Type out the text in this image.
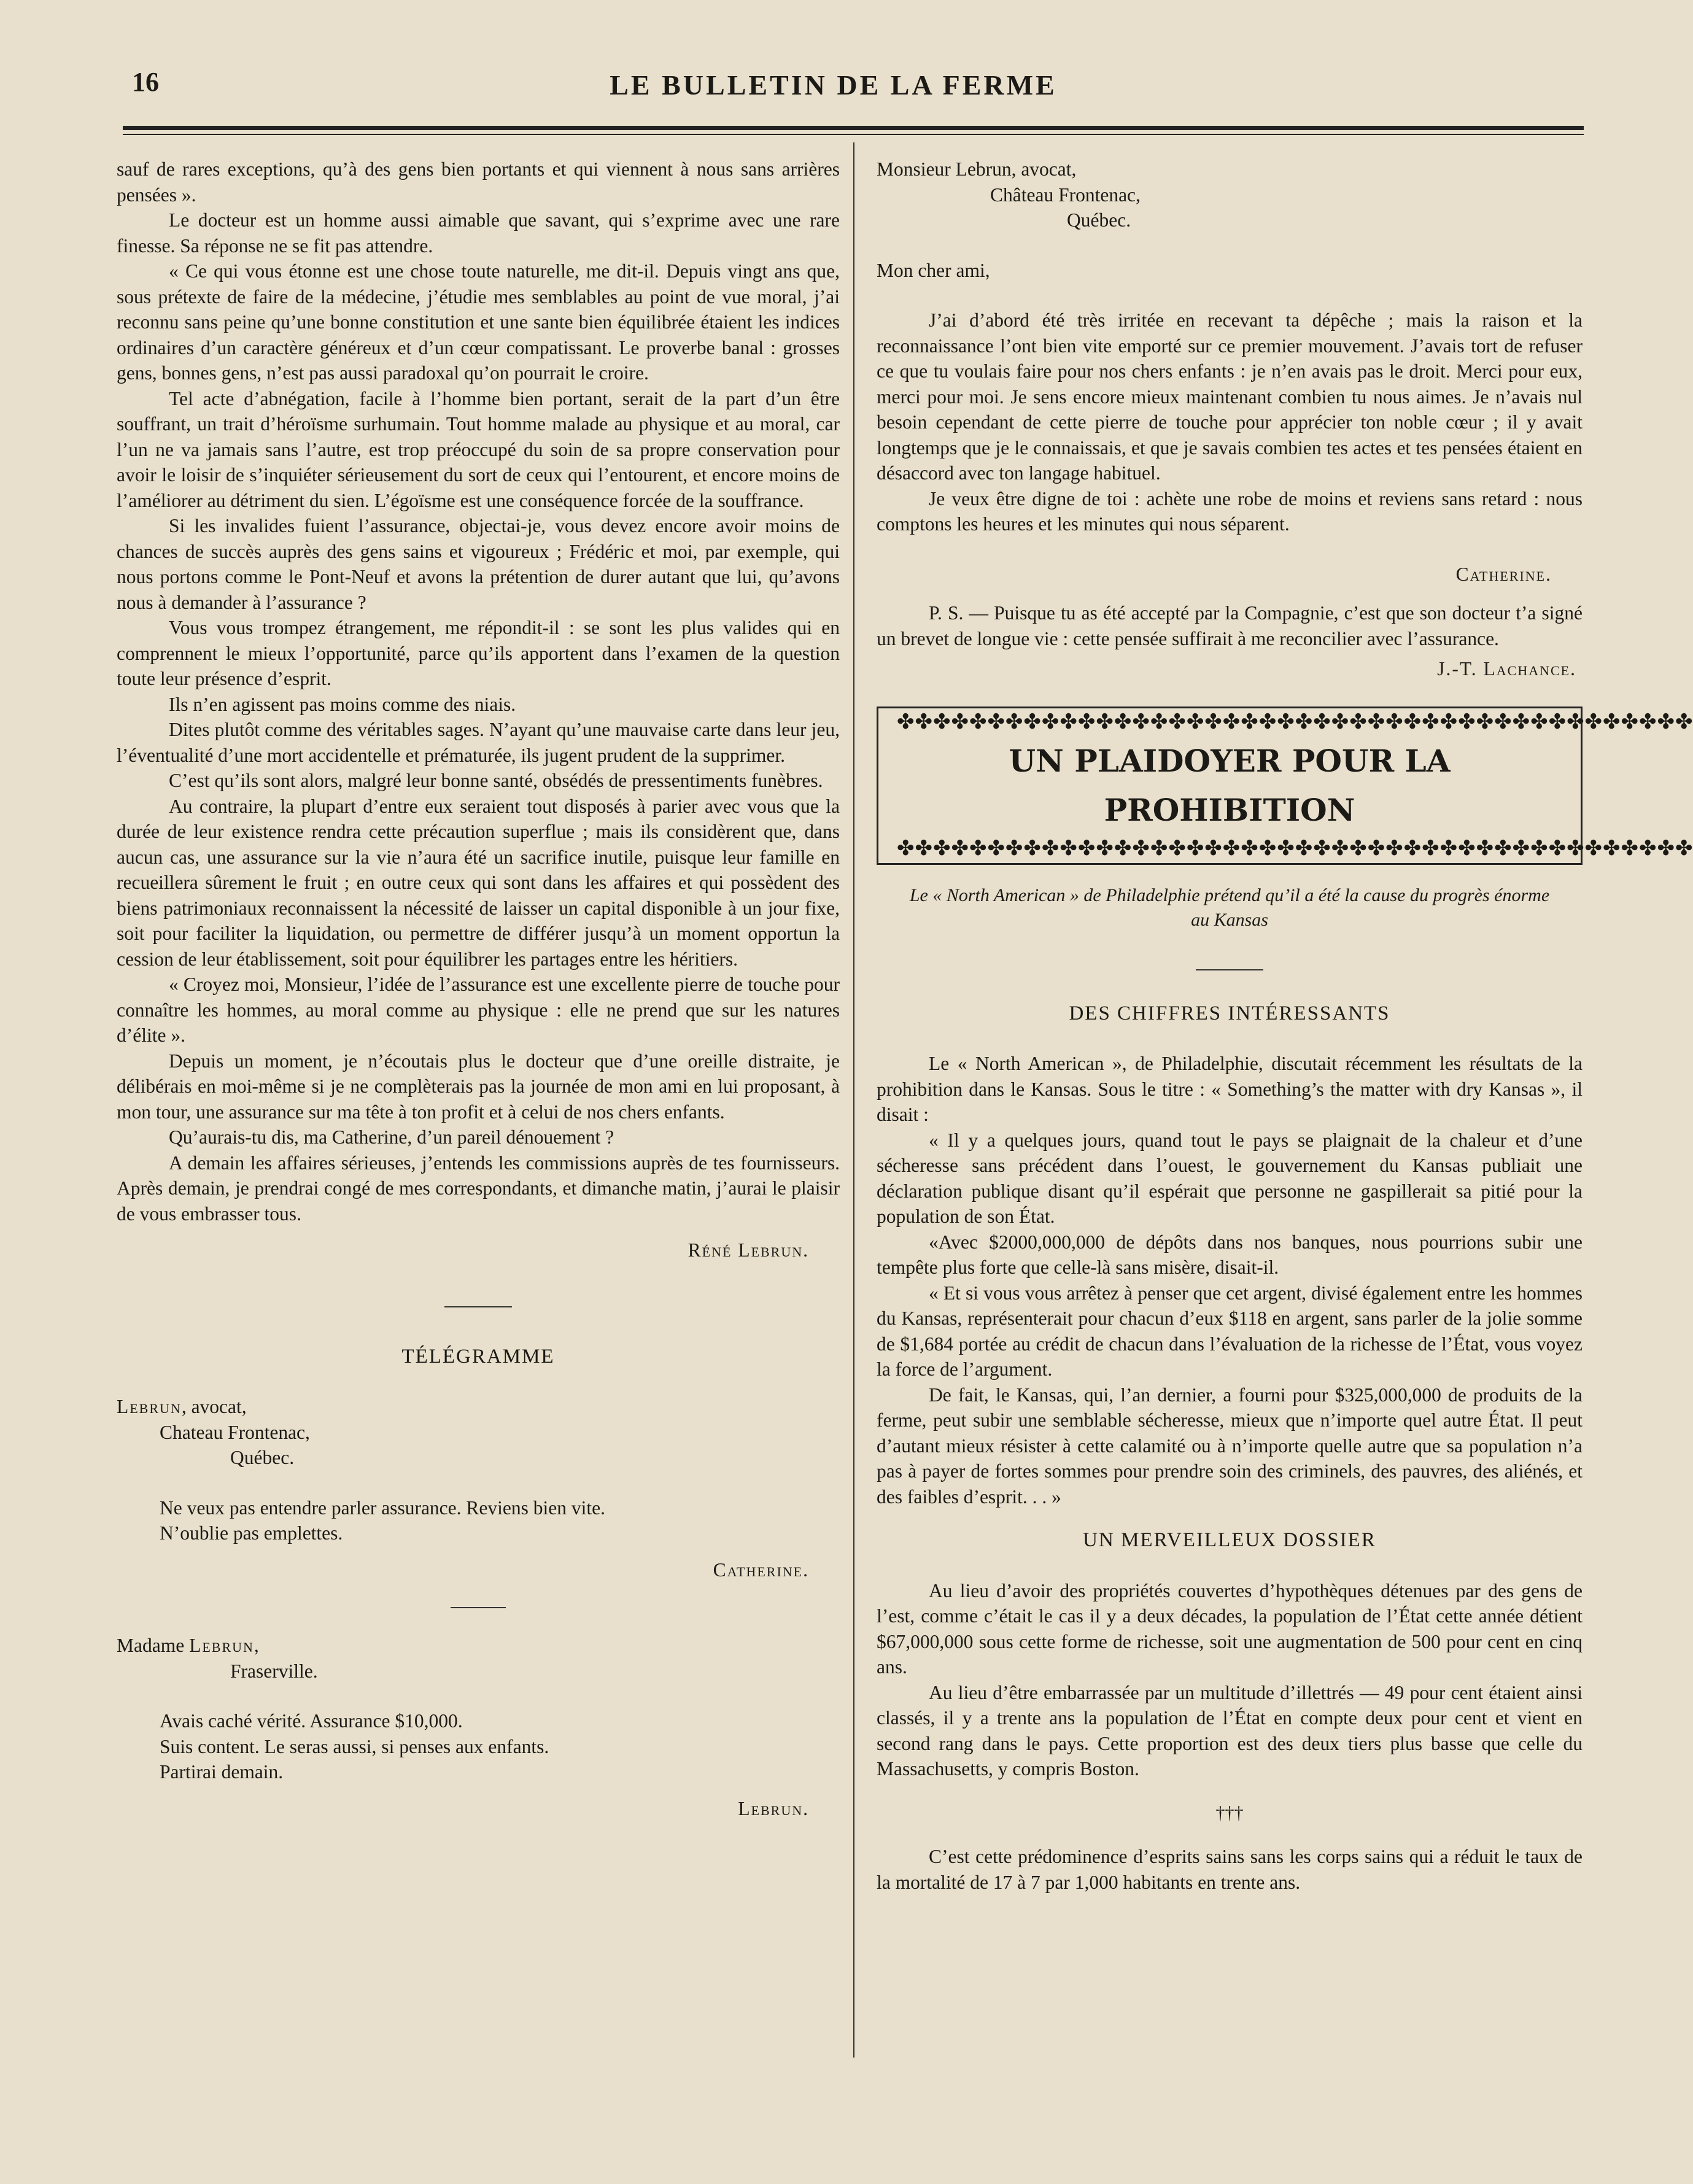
16	LE BULLETIN DE LA FERME

sauf de rares exceptions, qu’à des gens bien portants et qui viennent à nous sans arrières pensées ».

Le docteur est un homme aussi aimable que savant, qui s’exprime avec une rare finesse. Sa réponse ne se fit pas attendre.

« Ce qui vous étonne est une chose toute naturelle, me dit-il. Depuis vingt ans que, sous prétexte de faire de la médecine, j’étudie mes semblables au point de vue moral, j’ai reconnu sans peine qu’une bonne constitution et une sante bien équilibrée étaient les indices ordinaires d’un caractère généreux et d’un cœur compatissant. Le proverbe banal : grosses gens, bonnes gens, n’est pas aussi paradoxal qu’on pourrait le croire.

Tel acte d’abnégation, facile à l’homme bien portant, serait de la part d’un être souffrant, un trait d’héroïsme surhumain. Tout homme malade au physique et au moral, car l’un ne va jamais sans l’autre, est trop préoccupé du soin de sa propre conservation pour avoir le loisir de s’inquiéter sérieusement du sort de ceux qui l’entourent, et encore moins de l’améliorer au détriment du sien. L’égoïsme est une conséquence forcée de la souffrance.

Si les invalides fuient l’assurance, objectai-je, vous devez encore avoir moins de chances de succès auprès des gens sains et vigoureux ; Frédéric et moi, par exemple, qui nous portons comme le Pont-Neuf et avons la prétention de durer autant que lui, qu’avons nous à demander à l’assurance ?

Vous vous trompez étrangement, me répondit-il : se sont les plus valides qui en comprennent le mieux l’opportunité, parce qu’ils apportent dans l’examen de la question toute leur présence d’esprit.

Ils n’en agissent pas moins comme des niais.

Dites plutôt comme des véritables sages. N’ayant qu’une mauvaise carte dans leur jeu, l’éventualité d’une mort accidentelle et prématurée, ils jugent prudent de la supprimer.

C’est qu’ils sont alors, malgré leur bonne santé, obsédés de pressentiments funèbres.

Au contraire, la plupart d’entre eux seraient tout disposés à parier avec vous que la durée de leur existence rendra cette précaution superflue ; mais ils considèrent que, dans aucun cas, une assurance sur la vie n’aura été un sacrifice inutile, puisque leur famille en recueillera sûrement le fruit ; en outre ceux qui sont dans les affaires et qui possèdent des biens patrimoniaux reconnaissent la nécessité de laisser un capital disponible à un jour fixe, soit pour faciliter la liquidation, ou permettre de différer jusqu’à un moment opportun la cession de leur établissement, soit pour équilibrer les partages entre les héritiers.

« Croyez moi, Monsieur, l’idée de l’assurance est une excellente pierre de touche pour connaître les hommes, au moral comme au physique : elle ne prend que sur les natures d’élite ».

Depuis un moment, je n’écoutais plus le docteur que d’une oreille distraite, je délibérais en moi-même si je ne complèterais pas la journée de mon ami en lui proposant, à mon tour, une assurance sur ma tête à ton profit et à celui de nos chers enfants.

Qu’aurais-tu dis, ma Catherine, d’un pareil dénouement ?

A demain les affaires sérieuses, j’entends les commissions auprès de tes fournisseurs. Après demain, je prendrai congé de mes correspondants, et dimanche matin, j’aurai le plaisir de vous embrasser tous.

Réné Lebrun.

TÉLÉGRAMME

Lebrun, avocat,

Chateau Frontenac,

Québec.

Ne veux pas entendre parler assurance. Reviens bien vite.

N’oublie pas emplettes.

Catherine.

Madame Lebrun,

Fraserville.

Avais caché vérité. Assurance $10,000.

Suis content. Le seras aussi, si penses aux enfants.

Partirai demain.

Lebrun.

Monsieur Lebrun, avocat,

Château Frontenac,

Québec.

Mon cher ami,

J’ai d’abord été très irritée en recevant ta dépêche ; mais la raison et la reconnaissance l’ont bien vite emporté sur ce premier mouvement. J’avais tort de refuser ce que tu voulais faire pour nos chers enfants : je n’en avais pas le droit. Merci pour eux, merci pour moi. Je sens encore mieux maintenant combien tu nous aimes. Je n’avais nul besoin cependant de cette pierre de touche pour apprécier ton noble cœur ; il y avait longtemps que je le connaissais, et que je savais combien tes actes et tes pensées étaient en désaccord avec ton langage habituel.

Je veux être digne de toi : achète une robe de moins et reviens sans retard : nous comptons les heures et les minutes qui nous séparent.

Catherine.

P. S. — Puisque tu as été accepté par la Compagnie, c’est que son docteur t’a signé un brevet de longue vie : cette pensée suffirait à me reconcilier avec l’assurance.

J.-T. Lachance.

✤✤✤✤✤✤✤✤✤✤✤✤✤✤✤✤✤✤✤✤✤✤✤✤✤✤✤✤✤✤✤✤✤✤✤✤✤✤✤✤✤✤✤✤
UN PLAIDOYER POUR LA PROHIBITION
✤✤✤✤✤✤✤✤✤✤✤✤✤✤✤✤✤✤✤✤✤✤✤✤✤✤✤✤✤✤✤✤✤✤✤✤✤✤✤✤✤✤✤✤

Le « North American » de Philadelphie prétend qu’il a été la cause du progrès énorme au Kansas

DES CHIFFRES INTÉRESSANTS

Le « North American », de Philadelphie, discutait récemment les résultats de la prohibition dans le Kansas. Sous le titre : « Something’s the matter with dry Kansas », il disait :

« Il y a quelques jours, quand tout le pays se plaignait de la chaleur et d’une sécheresse sans précédent dans l’ouest, le gouvernement du Kansas publiait une déclaration publique disant qu’il espérait que personne ne gaspillerait sa pitié pour la population de son État.

«Avec $2000,000,000 de dépôts dans nos banques, nous pourrions subir une tempête plus forte que celle-là sans misère, disait-il.

« Et si vous vous arrêtez à penser que cet argent, divisé également entre les hommes du Kansas, représenterait pour chacun d’eux $118 en argent, sans parler de la jolie somme de $1,684 portée au crédit de chacun dans l’évaluation de la richesse de l’État, vous voyez la force de l’argument.

De fait, le Kansas, qui, l’an dernier, a fourni pour $325,000,000 de produits de la ferme, peut subir une semblable sécheresse, mieux que n’importe quel autre État. Il peut d’autant mieux résister à cette calamité ou à n’importe quelle autre que sa population n’a pas à payer de fortes sommes pour prendre soin des criminels, des pauvres, des aliénés, et des faibles d’esprit. . . »

UN MERVEILLEUX DOSSIER

Au lieu d’avoir des propriétés couvertes d’hypothèques détenues par des gens de l’est, comme c’était le cas il y a deux décades, la population de l’État cette année détient $67,000,000 sous cette forme de richesse, soit une augmentation de 500 pour cent en cinq ans.

Au lieu d’être embarrassée par un multitude d’illettrés — 49 pour cent étaient ainsi classés, il y a trente ans la population de l’État en compte deux pour cent et vient en second rang dans le pays. Cette proportion est des deux tiers plus basse que celle du Massachusetts, y compris Boston.

†††

C’est cette prédominence d’esprits sains sans les corps sains qui a réduit le taux de la mortalité de 17 à 7 par 1,000 habitants en trente ans.
